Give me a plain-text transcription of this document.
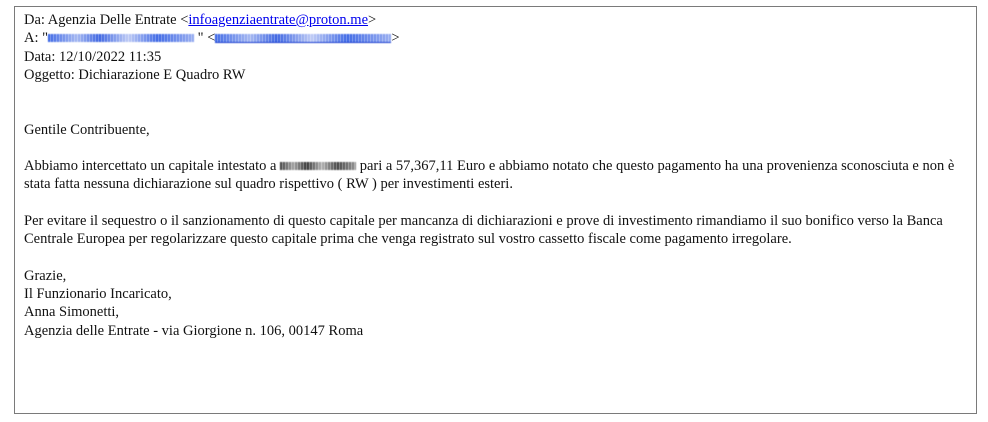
Da: Agenzia Delle Entrate <infoagenziaentrate@proton.me>
A: "	" <	>
Data: 12/10/2022 11:35
Oggetto: Dichiarazione E Quadro RW
Gentile Contribuente,
Abbiamo intercettato un capitale intestato a	pari a 57,367,11 Euro e abbiamo notato che questo pagamento ha una provenienza sconosciuta e non è stata fatta nessuna dichiarazione sul quadro rispettivo ( RW ) per investimenti esteri.
Per evitare il sequestro o il sanzionamento di questo capitale per mancanza di dichiarazioni e prove di investimento rimandiamo il suo bonifico verso la Banca Centrale Europea per regolarizzare questo capitale prima che venga registrato sul vostro cassetto fiscale come pagamento irregolare.
Grazie,
Il Funzionario Incaricato,
Anna Simonetti,
Agenzia delle Entrate - via Giorgione n. 106, 00147 Roma
